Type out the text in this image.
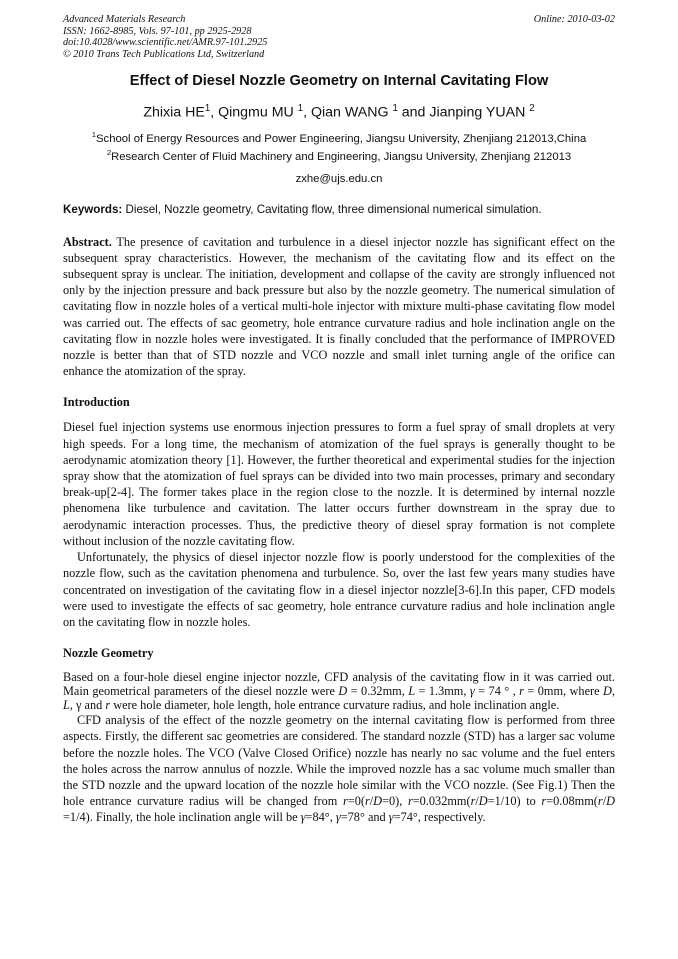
Advanced Materials Research	Online: 2010-03-02
ISSN: 1662-8985, Vols. 97-101, pp 2925-2928
doi:10.4028/www.scientific.net/AMR.97-101.2925
© 2010 Trans Tech Publications Ltd, Switzerland
Effect of Diesel Nozzle Geometry on Internal Cavitating Flow
Zhixia $HE^1$, Qingmu MU $^1$, Qian WANG $^1$ and Jianping YUAN $^2$
$^1$School of Energy Resources and Power Engineering, Jiangsu University, Zhenjiang 212013,China
$^2$Research Center of Fluid Machinery and Engineering, Jiangsu University, Zhenjiang 212013
zxhe@ujs.edu.cn
Keywords: Diesel, Nozzle geometry, Cavitating flow, three dimensional numerical simulation.

Abstract. The presence of cavitation and turbulence in a diesel injector nozzle has significant effect on the subsequent spray characteristics. However, the mechanism of the cavitating flow and its effect on the subsequent spray is unclear. The initiation, development and collapse of the cavity are strongly influenced not only by the injection pressure and back pressure but also by the nozzle geometry. The numerical simulation of cavitating flow in nozzle holes of a vertical multi-hole injector with mixture multi-phase cavitating flow model was carried out. The effects of sac geometry, hole entrance curvature radius and hole inclination angle on the cavitating flow in nozzle holes were investigated. It is finally concluded that the performance of IMPROVED nozzle is better than that of STD nozzle and VCO nozzle and small inlet turning angle of the orifice can enhance the atomization of the spray.

Introduction

Diesel fuel injection systems use enormous injection pressures to form a fuel spray of small droplets at very high speeds. For a long time, the mechanism of atomization of the fuel sprays is generally thought to be aerodynamic atomization theory [1]. However, the further theoretical and experimental studies for the injection spray show that the atomization of fuel sprays can be divided into two main processes, primary and secondary break-up[2-4]. The former takes place in the region close to the nozzle. It is determined by internal nozzle phenomena like turbulence and cavitation. The latter occurs further downstream in the spray due to aerodynamic interaction processes. Thus, the predictive theory of diesel spray formation is not complete without inclusion of the nozzle cavitating flow.

Unfortunately, the physics of diesel injector nozzle flow is poorly understood for the complexities of the nozzle flow, such as the cavitation phenomena and turbulence. So, over the last few years many studies have concentrated on investigation of the cavitating flow in a diesel injector nozzle[3-6].In this paper, CFD models were used to investigate the effects of sac geometry, hole entrance curvature radius and hole inclination angle on the cavitating flow in nozzle holes.

Nozzle Geometry

Based on a four-hole diesel engine injector nozzle, CFD analysis of the cavitating flow in it was carried out. Main geometrical parameters of the diesel nozzle were D = 0.32mm, L = 1.3mm, γ = 74 ° , r = 0mm, where D, L, γ and r were hole diameter, hole length, hole entrance curvature radius, and hole inclination angle.

CFD analysis of the effect of the nozzle geometry on the internal cavitating flow is performed from three aspects. Firstly, the different sac geometries are considered. The standard nozzle (STD) has a larger sac volume before the nozzle holes. The VCO (Valve Closed Orifice) nozzle has nearly no sac volume and the fuel enters the holes across the narrow annulus of nozzle. While the improved nozzle has a sac volume much smaller than the STD nozzle and the upward location of the nozzle hole similar with the VCO nozzle. (See Fig.1) Then the hole entrance curvature radius will be changed from r=0(r/D=0), r=0.032mm(r/D=1/10) to r=0.08mm(r/D =1/4). Finally, the hole inclination angle will be γ=84°, γ=78° and γ=74°, respectively.
